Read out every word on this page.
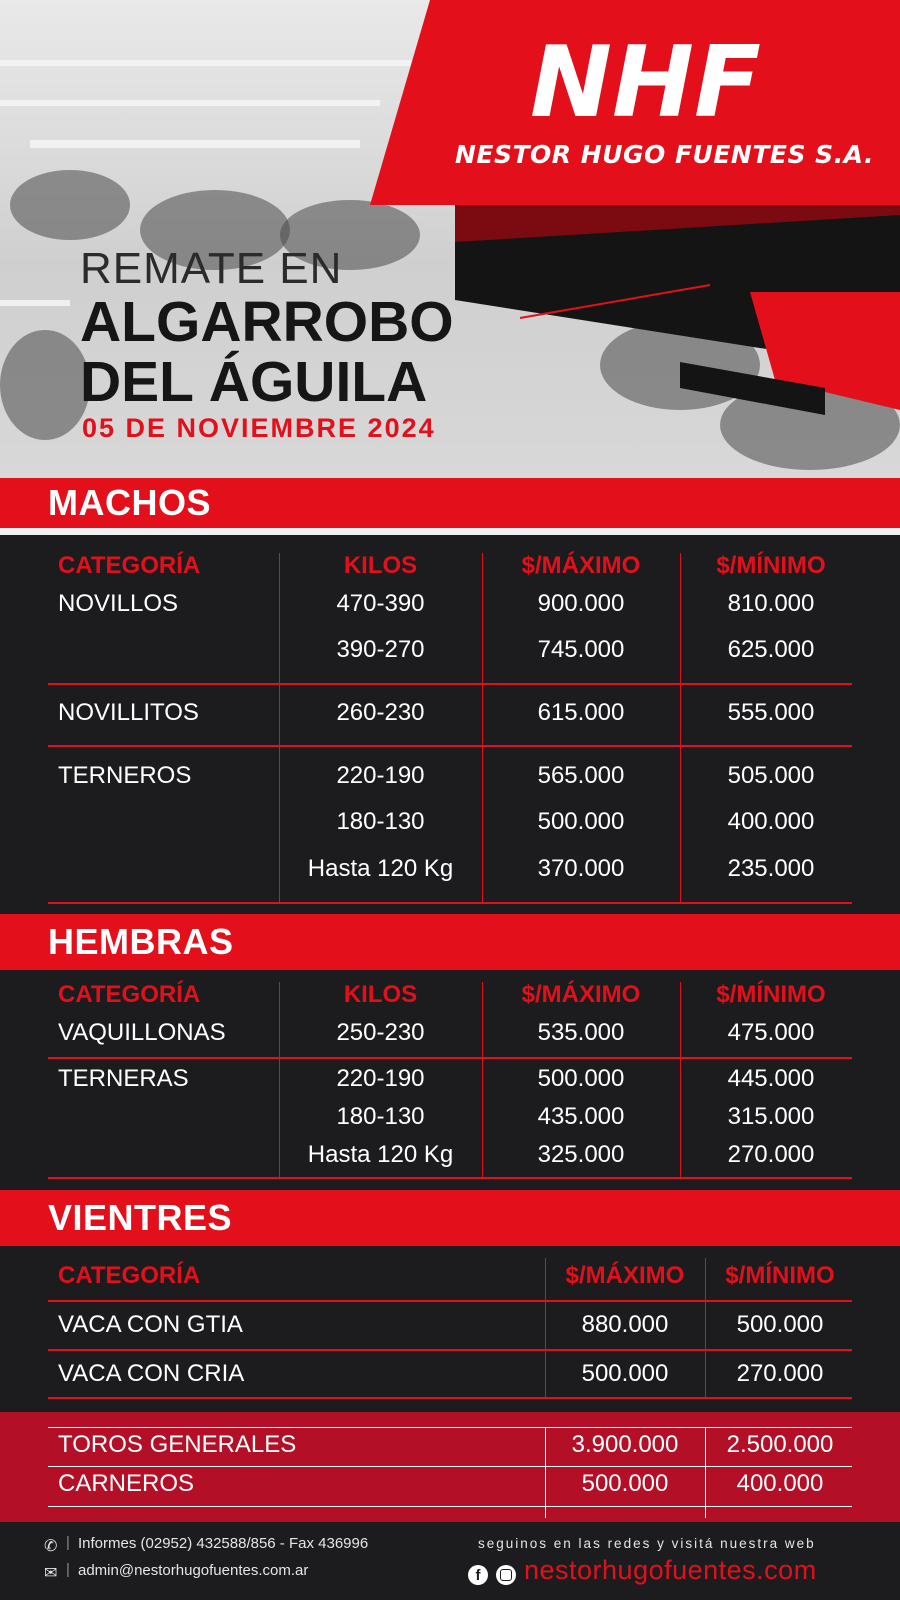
NHF
NESTOR HUGO FUENTES S.A.
REMATE EN
ALGARROBO
DEL ÁGUILA
05 DE NOVIEMBRE 2024
MACHOS
CATEGORÍA	KILOS	$/MÁXIMO	$/MÍNIMO
NOVILLOS	470-390	900.000	810.000
390-270	745.000	625.000
NOVILLITOS	260-230	615.000	555.000
TERNEROS	220-190	565.000	505.000
180-130	500.000	400.000
Hasta 120 Kg	370.000	235.000
HEMBRAS
CATEGORÍA	KILOS	$/MÁXIMO	$/MÍNIMO
VAQUILLONAS	250-230	535.000	475.000
TERNERAS	220-190	500.000	445.000
180-130	435.000	315.000
Hasta 120 Kg	325.000	270.000
VIENTRES
CATEGORÍA	$/MÁXIMO	$/MÍNIMO
VACA CON GTIA	880.000	500.000
VACA CON CRIA	500.000	270.000
TOROS GENERALES	3.900.000	2.500.000
CARNEROS	500.000	400.000
✆ | Informes (02952) 432588/856 - Fax 436996
✉ | admin@nestorhugofuentes.com.ar
seguinos en las redes y visitá nuestra web
f nestorhugofuentes.com
